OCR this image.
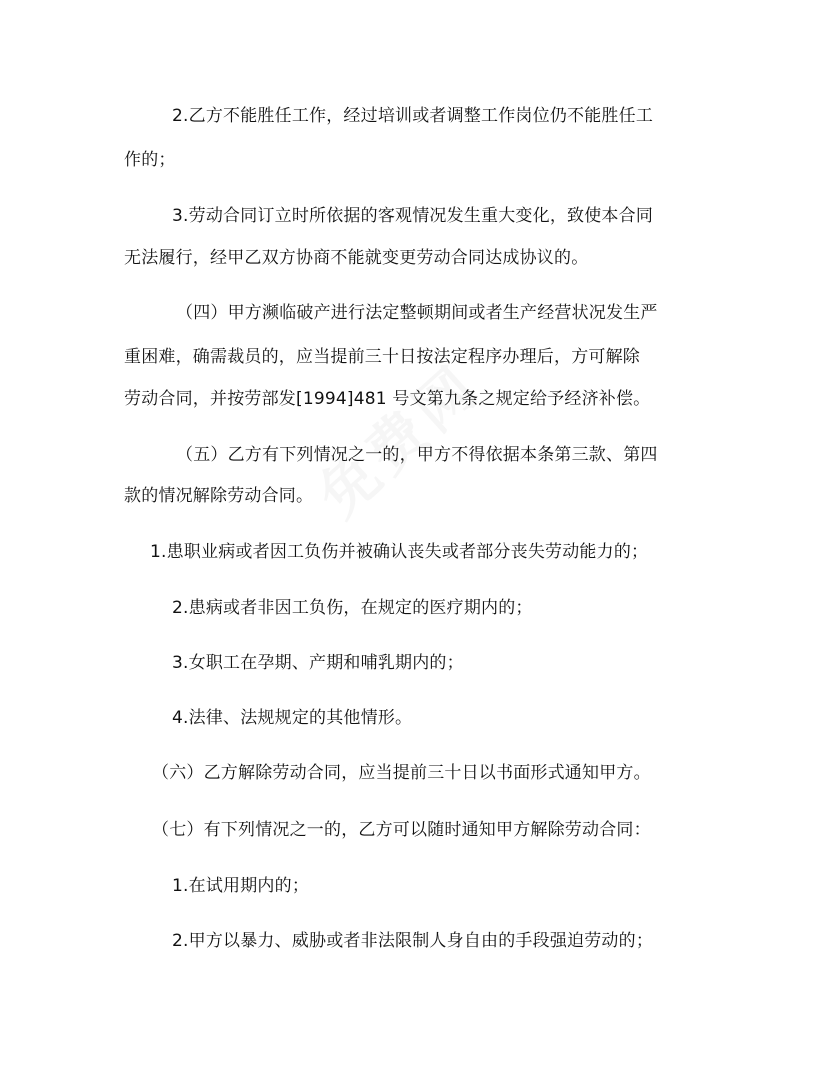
2.乙方不能胜任工作，经过培训或者调整工作岗位仍不能胜任工
作的；
3.劳动合同订立时所依据的客观情况发生重大变化，致使本合同
无法履行，经甲乙双方协商不能就变更劳动合同达成协议的。
（四）甲方濒临破产进行法定整顿期间或者生产经营状况发生严
重困难，确需裁员的，应当提前三十日按法定程序办理后，方可解除
劳动合同，并按劳部发[1994]481 号文第九条之规定给予经济补偿。
（五）乙方有下列情况之一的，甲方不得依据本条第三款、第四
款的情况解除劳动合同。
1.患职业病或者因工负伤并被确认丧失或者部分丧失劳动能力的；
2.患病或者非因工负伤，在规定的医疗期内的；
3.女职工在孕期、产期和哺乳期内的；
4.法律、法规规定的其他情形。
（六）乙方解除劳动合同，应当提前三十日以书面形式通知甲方。
（七）有下列情况之一的，乙方可以随时通知甲方解除劳动合同：
1.在试用期内的；
2.甲方以暴力、威胁或者非法限制人身自由的手段强迫劳动的；
